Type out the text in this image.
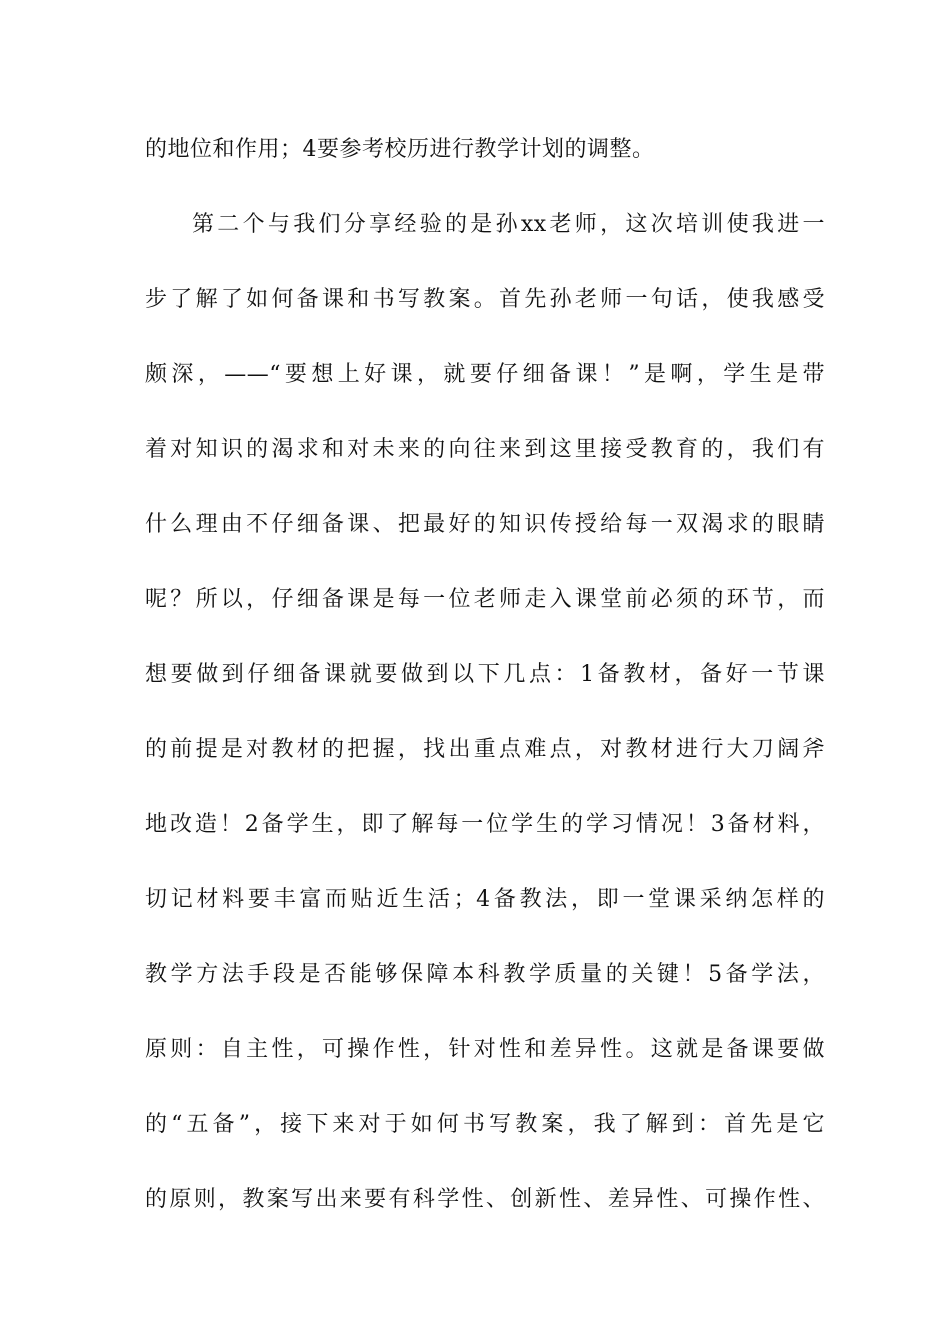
的地位和作用；4要参考校历进行教学计划的调整。
第二个与我们分享经验的是孙xx老师，这次培训使我进一
步了解了如何备课和书写教案。首先孙老师一句话，使我感受
颇深，——“要想上好课，就要仔细备课！”是啊，学生是带
着对知识的渴求和对未来的向往来到这里接受教育的，我们有
什么理由不仔细备课、把最好的知识传授给每一双渴求的眼睛
呢？所以，仔细备课是每一位老师走入课堂前必须的环节，而
想要做到仔细备课就要做到以下几点：1备教材，备好一节课
的前提是对教材的把握，找出重点难点，对教材进行大刀阔斧
地改造！2备学生，即了解每一位学生的学习情况！3备材料，
切记材料要丰富而贴近生活；4备教法，即一堂课采纳怎样的
教学方法手段是否能够保障本科教学质量的关键！5备学法，
原则：自主性，可操作性，针对性和差异性。这就是备课要做
的“五备”，接下来对于如何书写教案，我了解到：首先是它
的原则，教案写出来要有科学性、创新性、差异性、可操作性、
